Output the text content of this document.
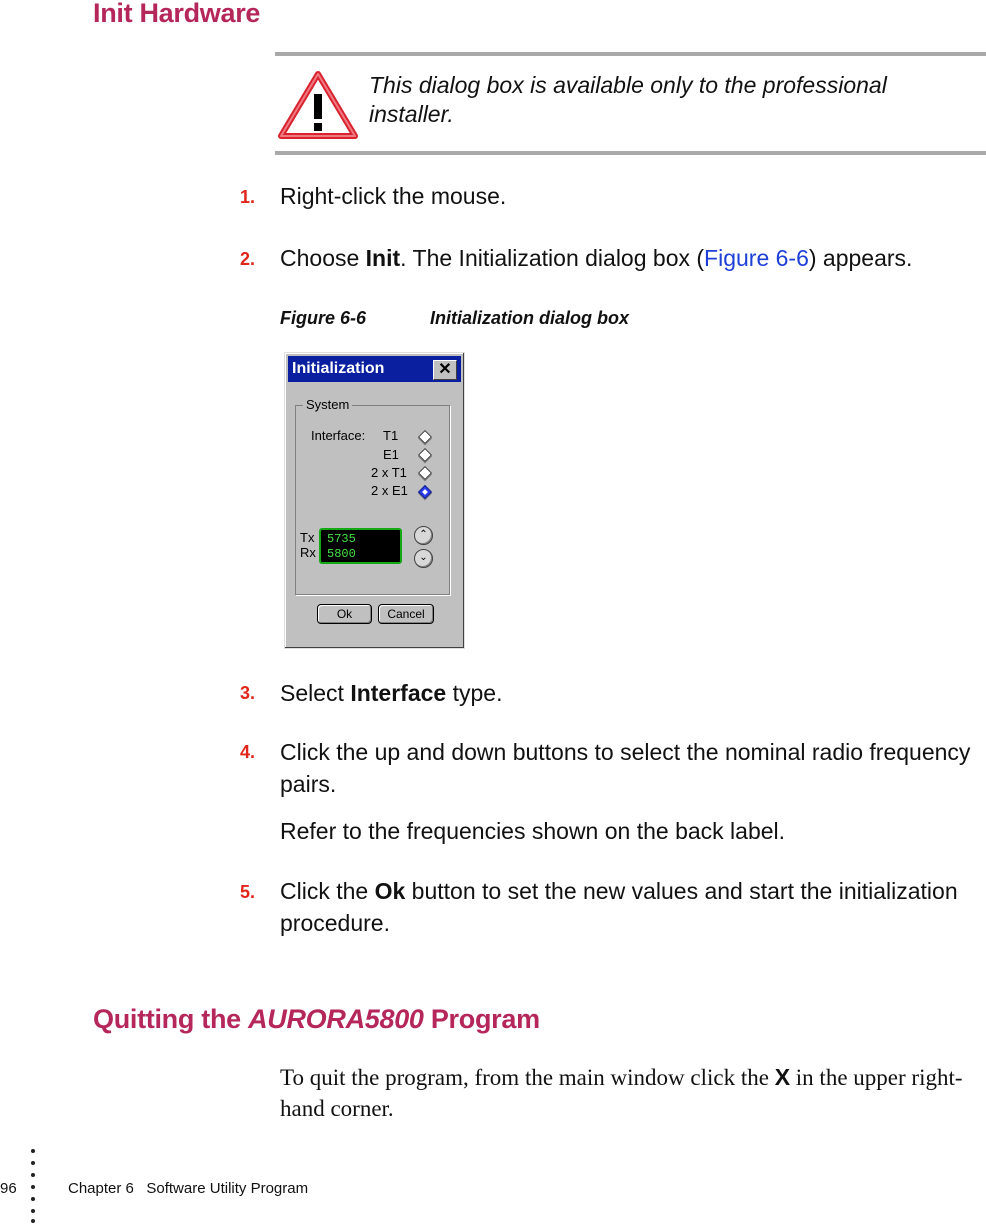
Init Hardware
This dialog box is available only to the professional installer.
1. Right-click the mouse.
2. Choose Init. The Initialization dialog box (Figure 6-6) appears.
Figure 6-6	Initialization dialog box
Initialization	✕
System
Interface: T1
E1
2 x T1
2 x E1
Tx
Rx
5735
5800
⌃
⌄
Ok	Cancel
3. Select Interface type.
4. Click the up and down buttons to select the nominal radio frequency pairs.
Refer to the frequencies shown on the back label.
5. Click the Ok button to set the new values and start the initialization procedure.
Quitting the AURORA5800 Program
To quit the program, from the main window click the X in the upper right-hand corner.
96	Chapter 6   Software Utility Program
